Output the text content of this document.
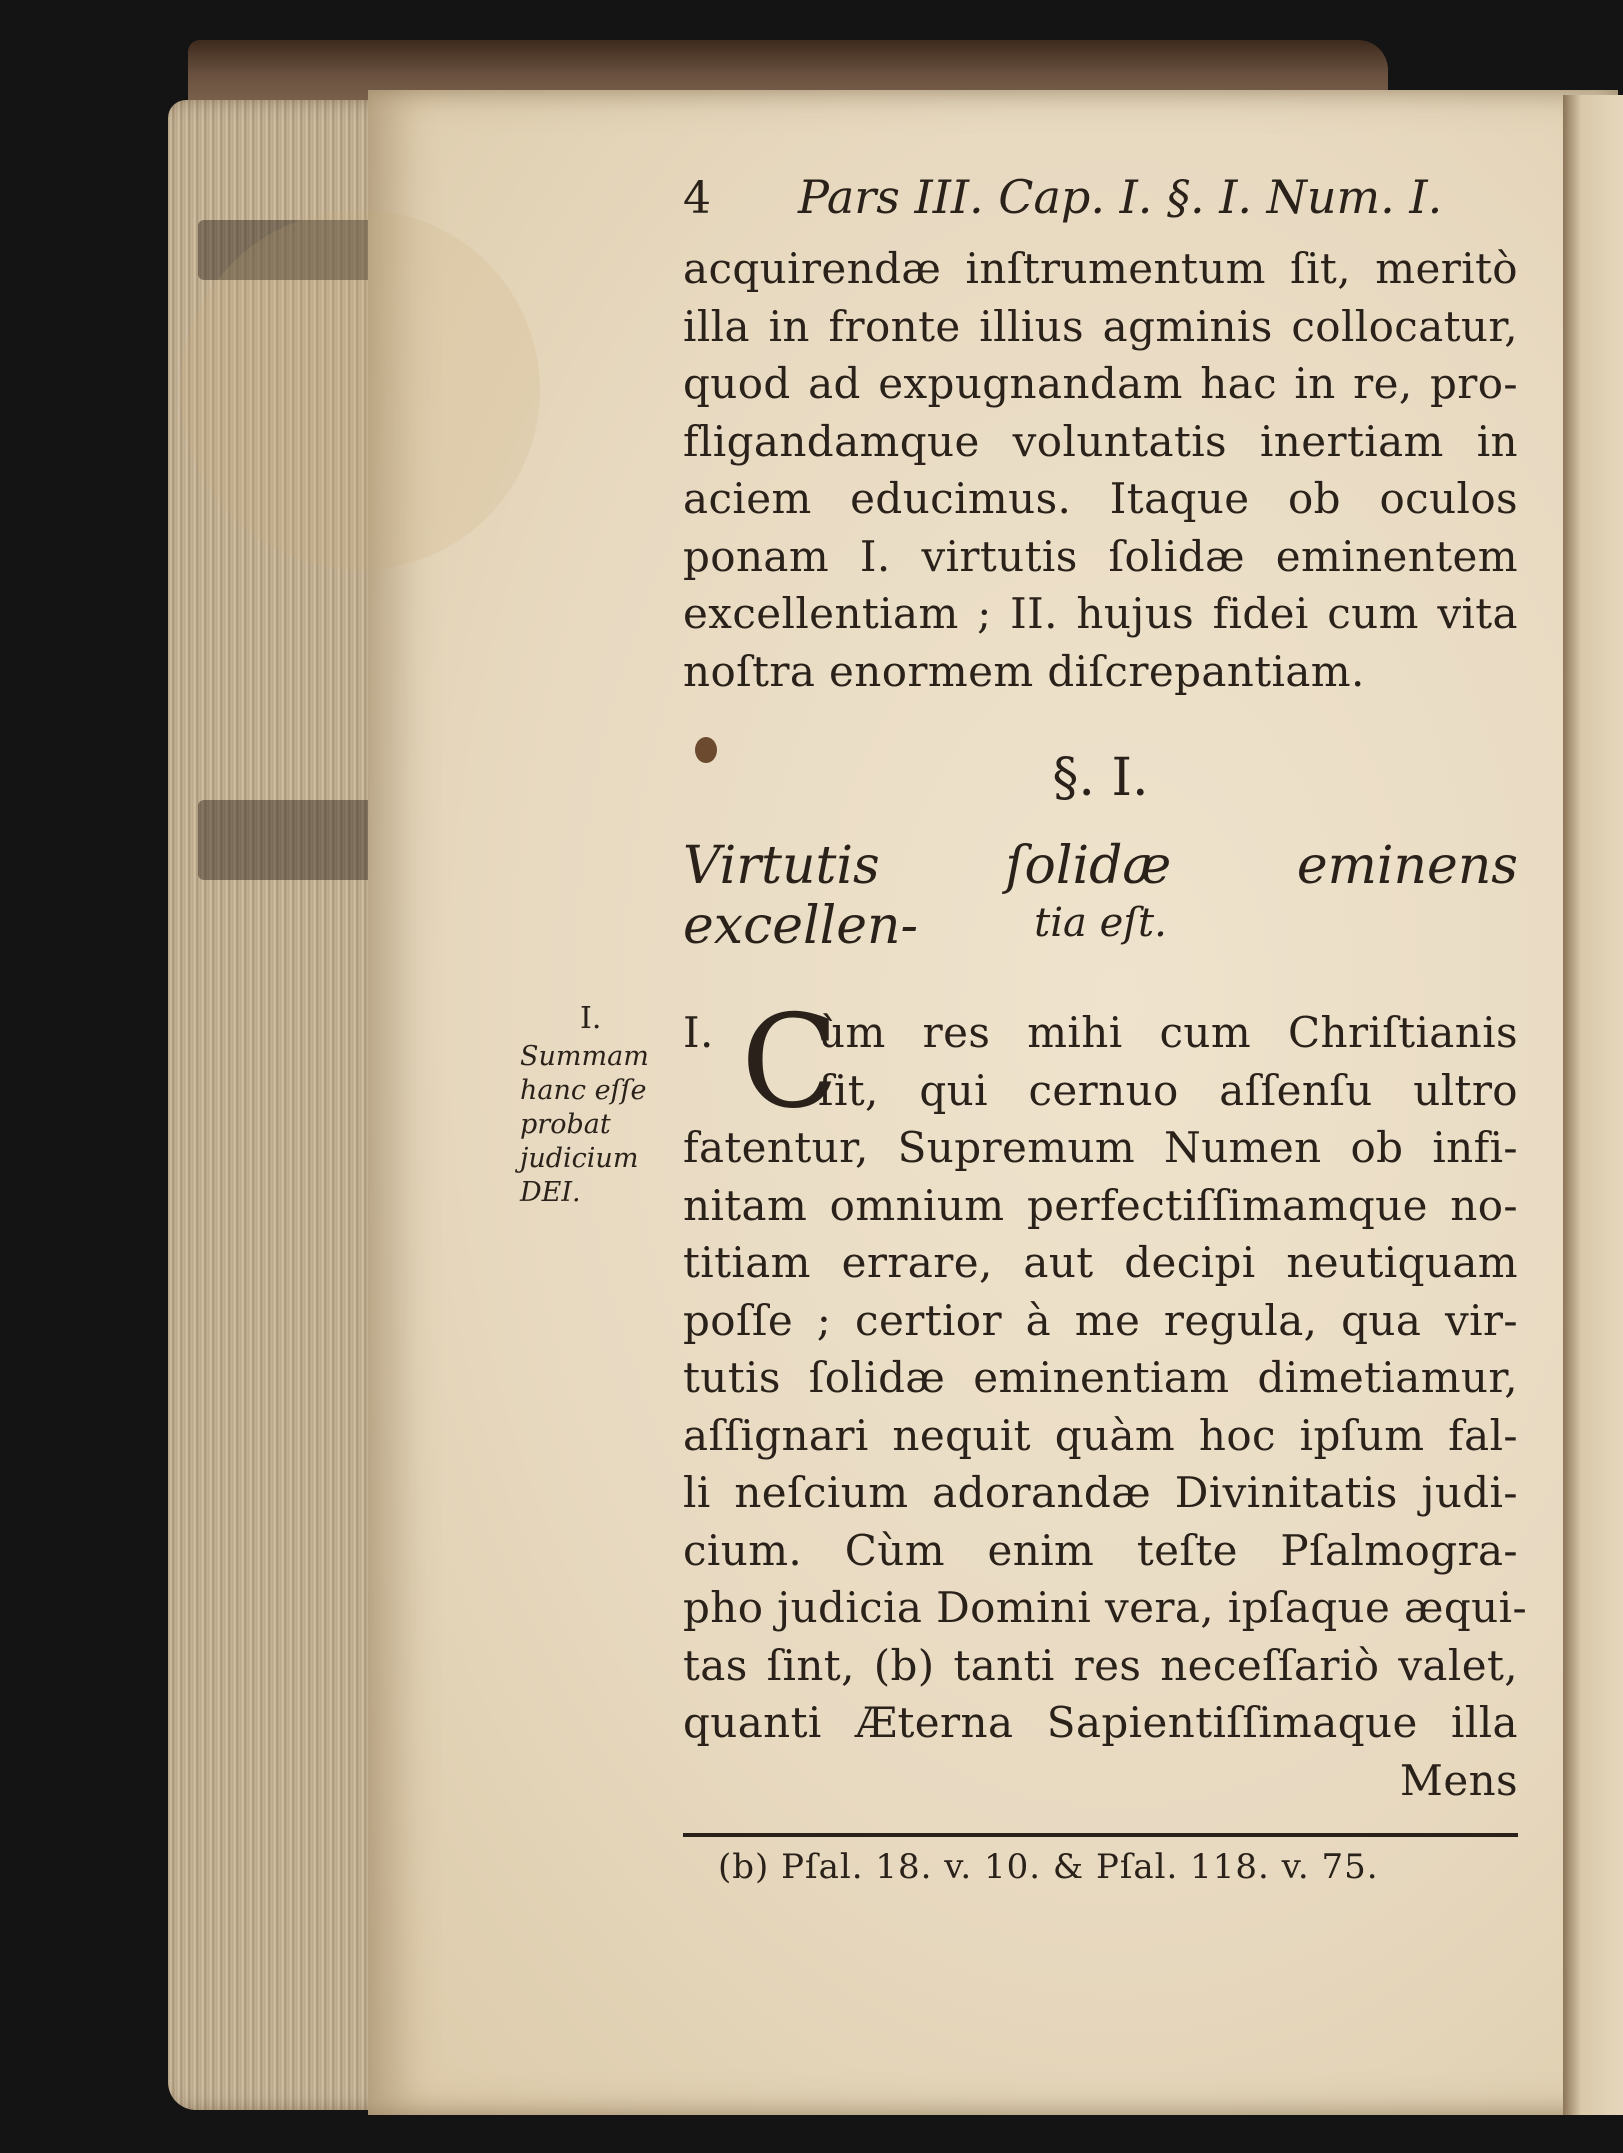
I.
Summam
hanc eſſe
probat
judicium
DEI.
4	Pars III. Cap. I. §. I. Num. I.
acquirendæ inſtrumentum ſit, meritò
illa in fronte illius agminis collocatur,
quod ad expugnandam hac in re, pro-
fligandamque voluntatis inertiam in
aciem educimus. Itaque ob oculos
ponam I. virtutis ſolidæ eminentem
excellentiam ; II. hujus fidei cum vita
noſtra enormem diſcrepantiam.
§. I.
Virtutis ſolidæ eminens excellen-	tia eſt.
C
I.	ùm res mihi cum Chriſtianis
ſit, qui cernuo aſſenſu ultro
fatentur, Supremum Numen ob infi-
nitam omnium perfectiſſimamque no-
titiam errare, aut decipi neutiquam
poſſe ; certior à me regula, qua vir-
tutis ſolidæ eminentiam dimetiamur,
aſſignari nequit quàm hoc ipſum fal-
li neſcium adorandæ Divinitatis judi-
cium. Cùm enim teſte Pſalmogra-
pho judicia Domini vera, ipſaque æqui-
tas ſint, (b) tanti res neceſſariò valet,
quanti Æterna Sapientiſſimaque illa
Mens
(b) Pſal. 18. v. 10. & Pſal. 118. v. 75.
